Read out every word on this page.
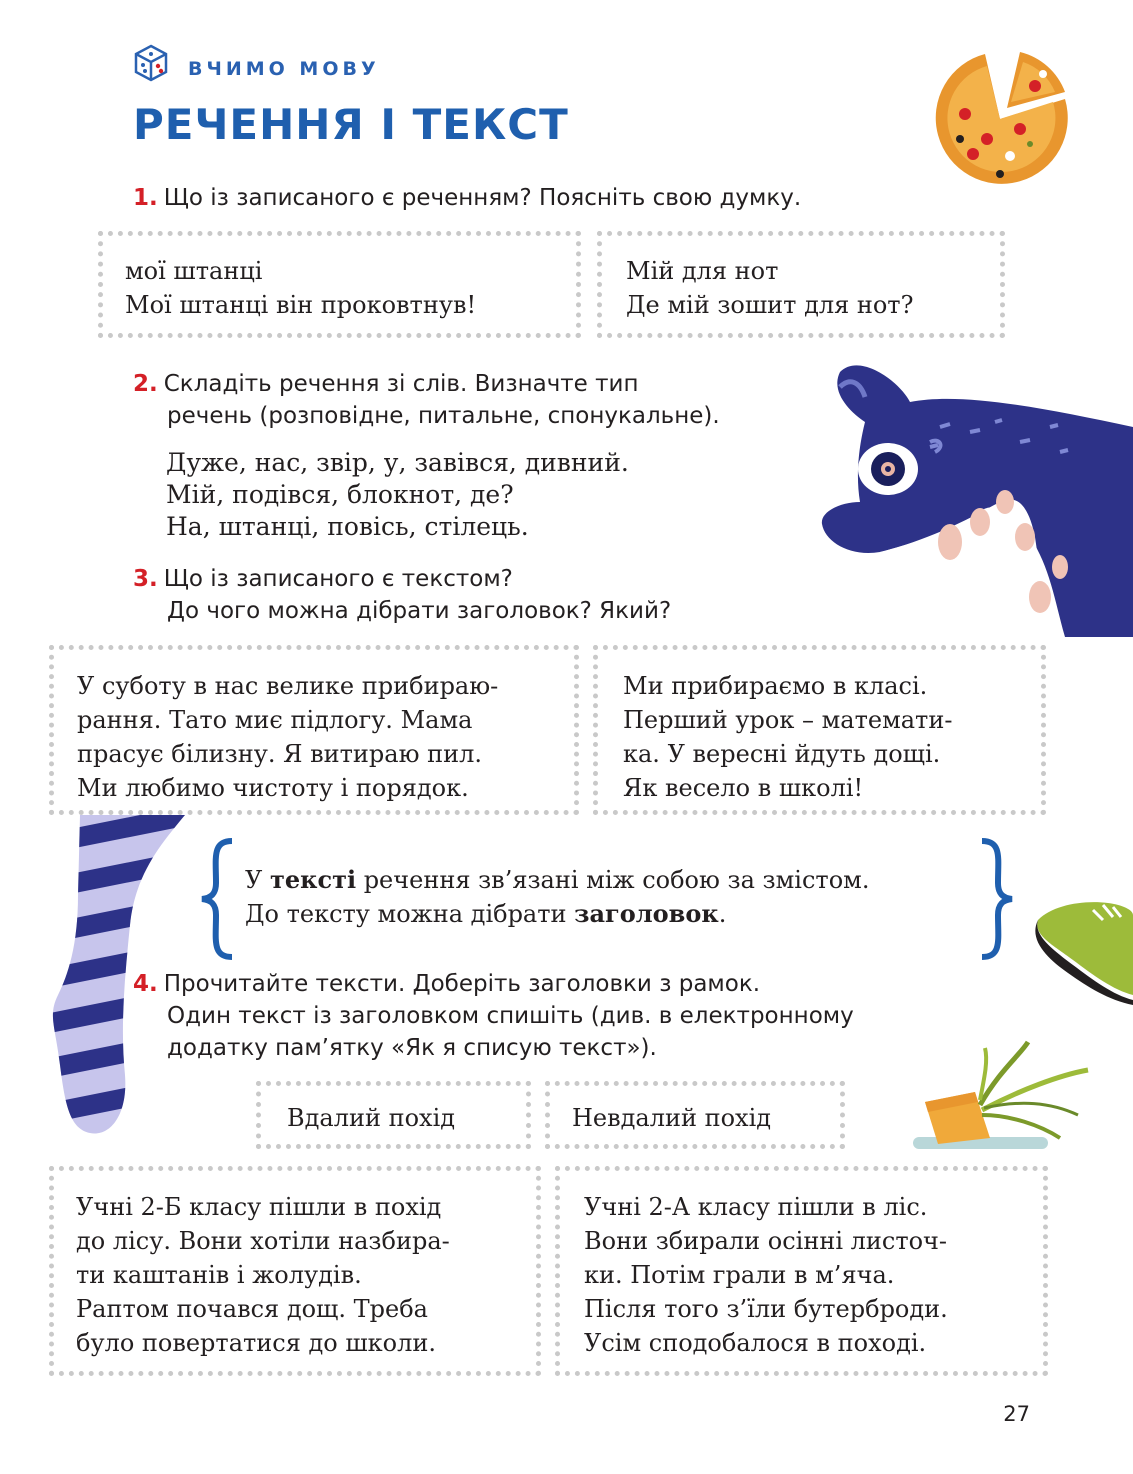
ВЧИМО МОВУ
РЕЧЕННЯ І ТЕКСТ
1. Що із записаного є реченням? Поясніть свою думку.
мої штанці
Мої штанці він проковтнув!
Мій для нот
Де мій зошит для нот?
2. Складіть речення зі слів. Визначте тип
речень (розповідне, питальне, спонукальне).
Дуже, нас, звір, у, завівся, дивний.
Мій, подівся, блокнот, де?
На, штанці, повісь, стілець.
3. Що із записаного є текстом?
До чого можна дібрати заголовок? Який?
У суботу в нас велике прибираю-
рання. Тато миє підлогу. Мама
прасує білизну. Я витираю пил.
Ми любимо чистоту і порядок.
Ми прибираємо в класі.
Перший урок – математи-
ка. У вересні йдуть дощі.
Як весело в школі!
У тексті речення зв’язані між собою за змістом.
До тексту можна дібрати заголовок.
4. Прочитайте тексти. Доберіть заголовки з рамок.
Один текст із заголовком спишіть (див. в електронному
додатку пам’ятку «Як я списую текст»).
Вдалий похід	Невдалий похід
Учні 2-Б класу пішли в похід
до лісу. Вони хотіли назбира-
ти каштанів і жолудів.
Раптом почався дощ. Треба
було повертатися до школи.
Учні 2-А класу пішли в ліс.
Вони збирали осінні листоч-
ки. Потім грали в м’яча.
Після того з’їли бутерброди.
Усім сподобалося в поході.
27
